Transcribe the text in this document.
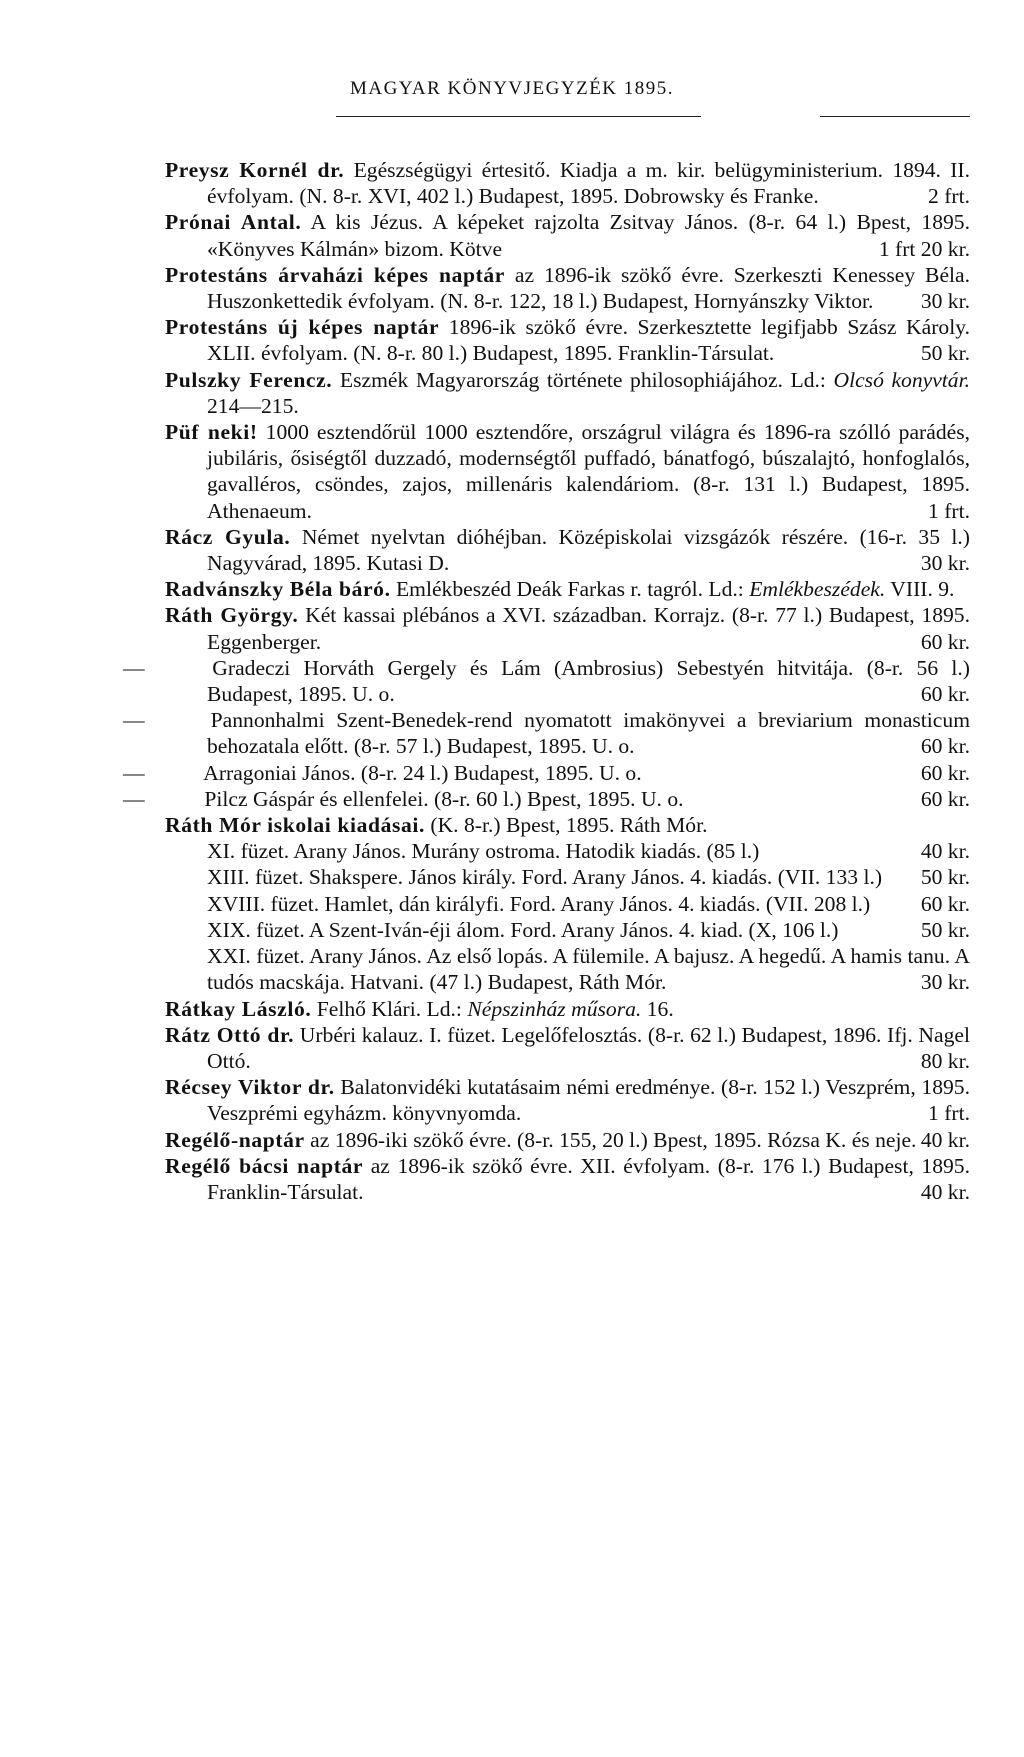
MAGYAR KÖNYVJEGYZÉK 1895.

Preysz Kornél dr. Egészségügyi értesitő. Kiadja a m. kir. belügyministerium. 1894. II. évfolyam. (N. 8-r. XVI, 402 l.) Budapest, 1895. Dobrowsky és Franke.	2 frt.

Prónai Antal. A kis Jézus. A képeket rajzolta Zsitvay János. (8-r. 64 l.) Bpest, 1895. «Könyves Kálmán» bizom. Kötve	1 frt 20 kr.

Protestáns árvaházi képes naptár az 1896-ik szökő évre. Szerkeszti Kenessey Béla. Huszonkettedik évfolyam. (N. 8-r. 122, 18 l.) Budapest, Hornyánszky Viktor. 30 kr.

Protestáns új képes naptár 1896-ik szökő évre. Szerkesztette legifjabb Szász Károly. XLII. évfolyam. (N. 8-r. 80 l.) Budapest, 1895. Franklin-Társulat.	50 kr.

Pulszky Ferencz. Eszmék Magyarország története philosophiájához. Ld.: Olcsó konyvtár. 214—215.

Püf neki! 1000 esztendőrül 1000 esztendőre, országrul világra és 1896-ra szólló parádés, jubiláris, ősiségtől duzzadó, modernségtől puffadó, bánatfogó, búszalajtó, honfoglalós, gavalléros, csöndes, zajos, millenáris kalendáriom. (8-r. 131 l.) Budapest, 1895. Athenaeum.	1 frt.

Rácz Gyula. Német nyelvtan dióhéjban. Középiskolai vizsgázók részére. (16-r. 35 l.) Nagyvárad, 1895. Kutasi D.	30 kr.

Radvánszky Béla báró. Emlékbeszéd Deák Farkas r. tagról. Ld.: Emlékbeszédek. VIII. 9.

Ráth György. Két kassai plébános a XVI. században. Korrajz. (8-r. 77 l.) Budapest, 1895. Eggenberger.	60 kr.

—	Gradeczi Horváth Gergely és Lám (Ambrosius) Sebestyén hitvitája. (8-r. 56 l.) Budapest, 1895. U. o.	60 kr.

—	Pannonhalmi Szent-Benedek-rend nyomatott imakönyvei a breviarium monasticum behozatala előtt. (8-r. 57 l.) Budapest, 1895. U. o.	60 kr.

—	Arragoniai János. (8-r. 24 l.) Budapest, 1895. U. o.	60 kr.

—	Pilcz Gáspár és ellenfelei. (8-r. 60 l.) Bpest, 1895. U. o.	60 kr.

Ráth Mór iskolai kiadásai. (K. 8-r.) Bpest, 1895. Ráth Mór.

XI. füzet. Arany János. Murány ostroma. Hatodik kiadás. (85 l.)	40 kr.

XIII. füzet. Shakspere. János király. Ford. Arany János. 4. kiadás. (VII. 133 l.) 50 kr.

XVIII. füzet. Hamlet, dán királyfi. Ford. Arany János. 4. kiadás. (VII. 208 l.) 60 kr.

XIX. füzet. A Szent-Iván-éji álom. Ford. Arany János. 4. kiad. (X, 106 l.)	50 kr.

XXI. füzet. Arany János. Az első lopás. A fülemile. A bajusz. A hegedű. A hamis tanu. A tudós macskája. Hatvani. (47 l.) Budapest, Ráth Mór.	30 kr.

Rátkay László. Felhő Klári. Ld.: Népszinház műsora. 16.

Rátz Ottó dr. Urbéri kalauz. I. füzet. Legelőfelosztás. (8-r. 62 l.) Budapest, 1896. Ifj. Nagel Ottó.	80 kr.

Récsey Viktor dr. Balatonvidéki kutatásaim némi eredménye. (8-r. 152 l.) Veszprém, 1895. Veszprémi egyházm. könyvnyomda.	1 frt.

Regélő-naptár az 1896-iki szökő évre. (8-r. 155, 20 l.) Bpest, 1895. Rózsa K. és neje. 40 kr.

Regélő bácsi naptár az 1896-ik szökő évre. XII. évfolyam. (8-r. 176 l.) Budapest, 1895. Franklin-Társulat.	40 kr.
